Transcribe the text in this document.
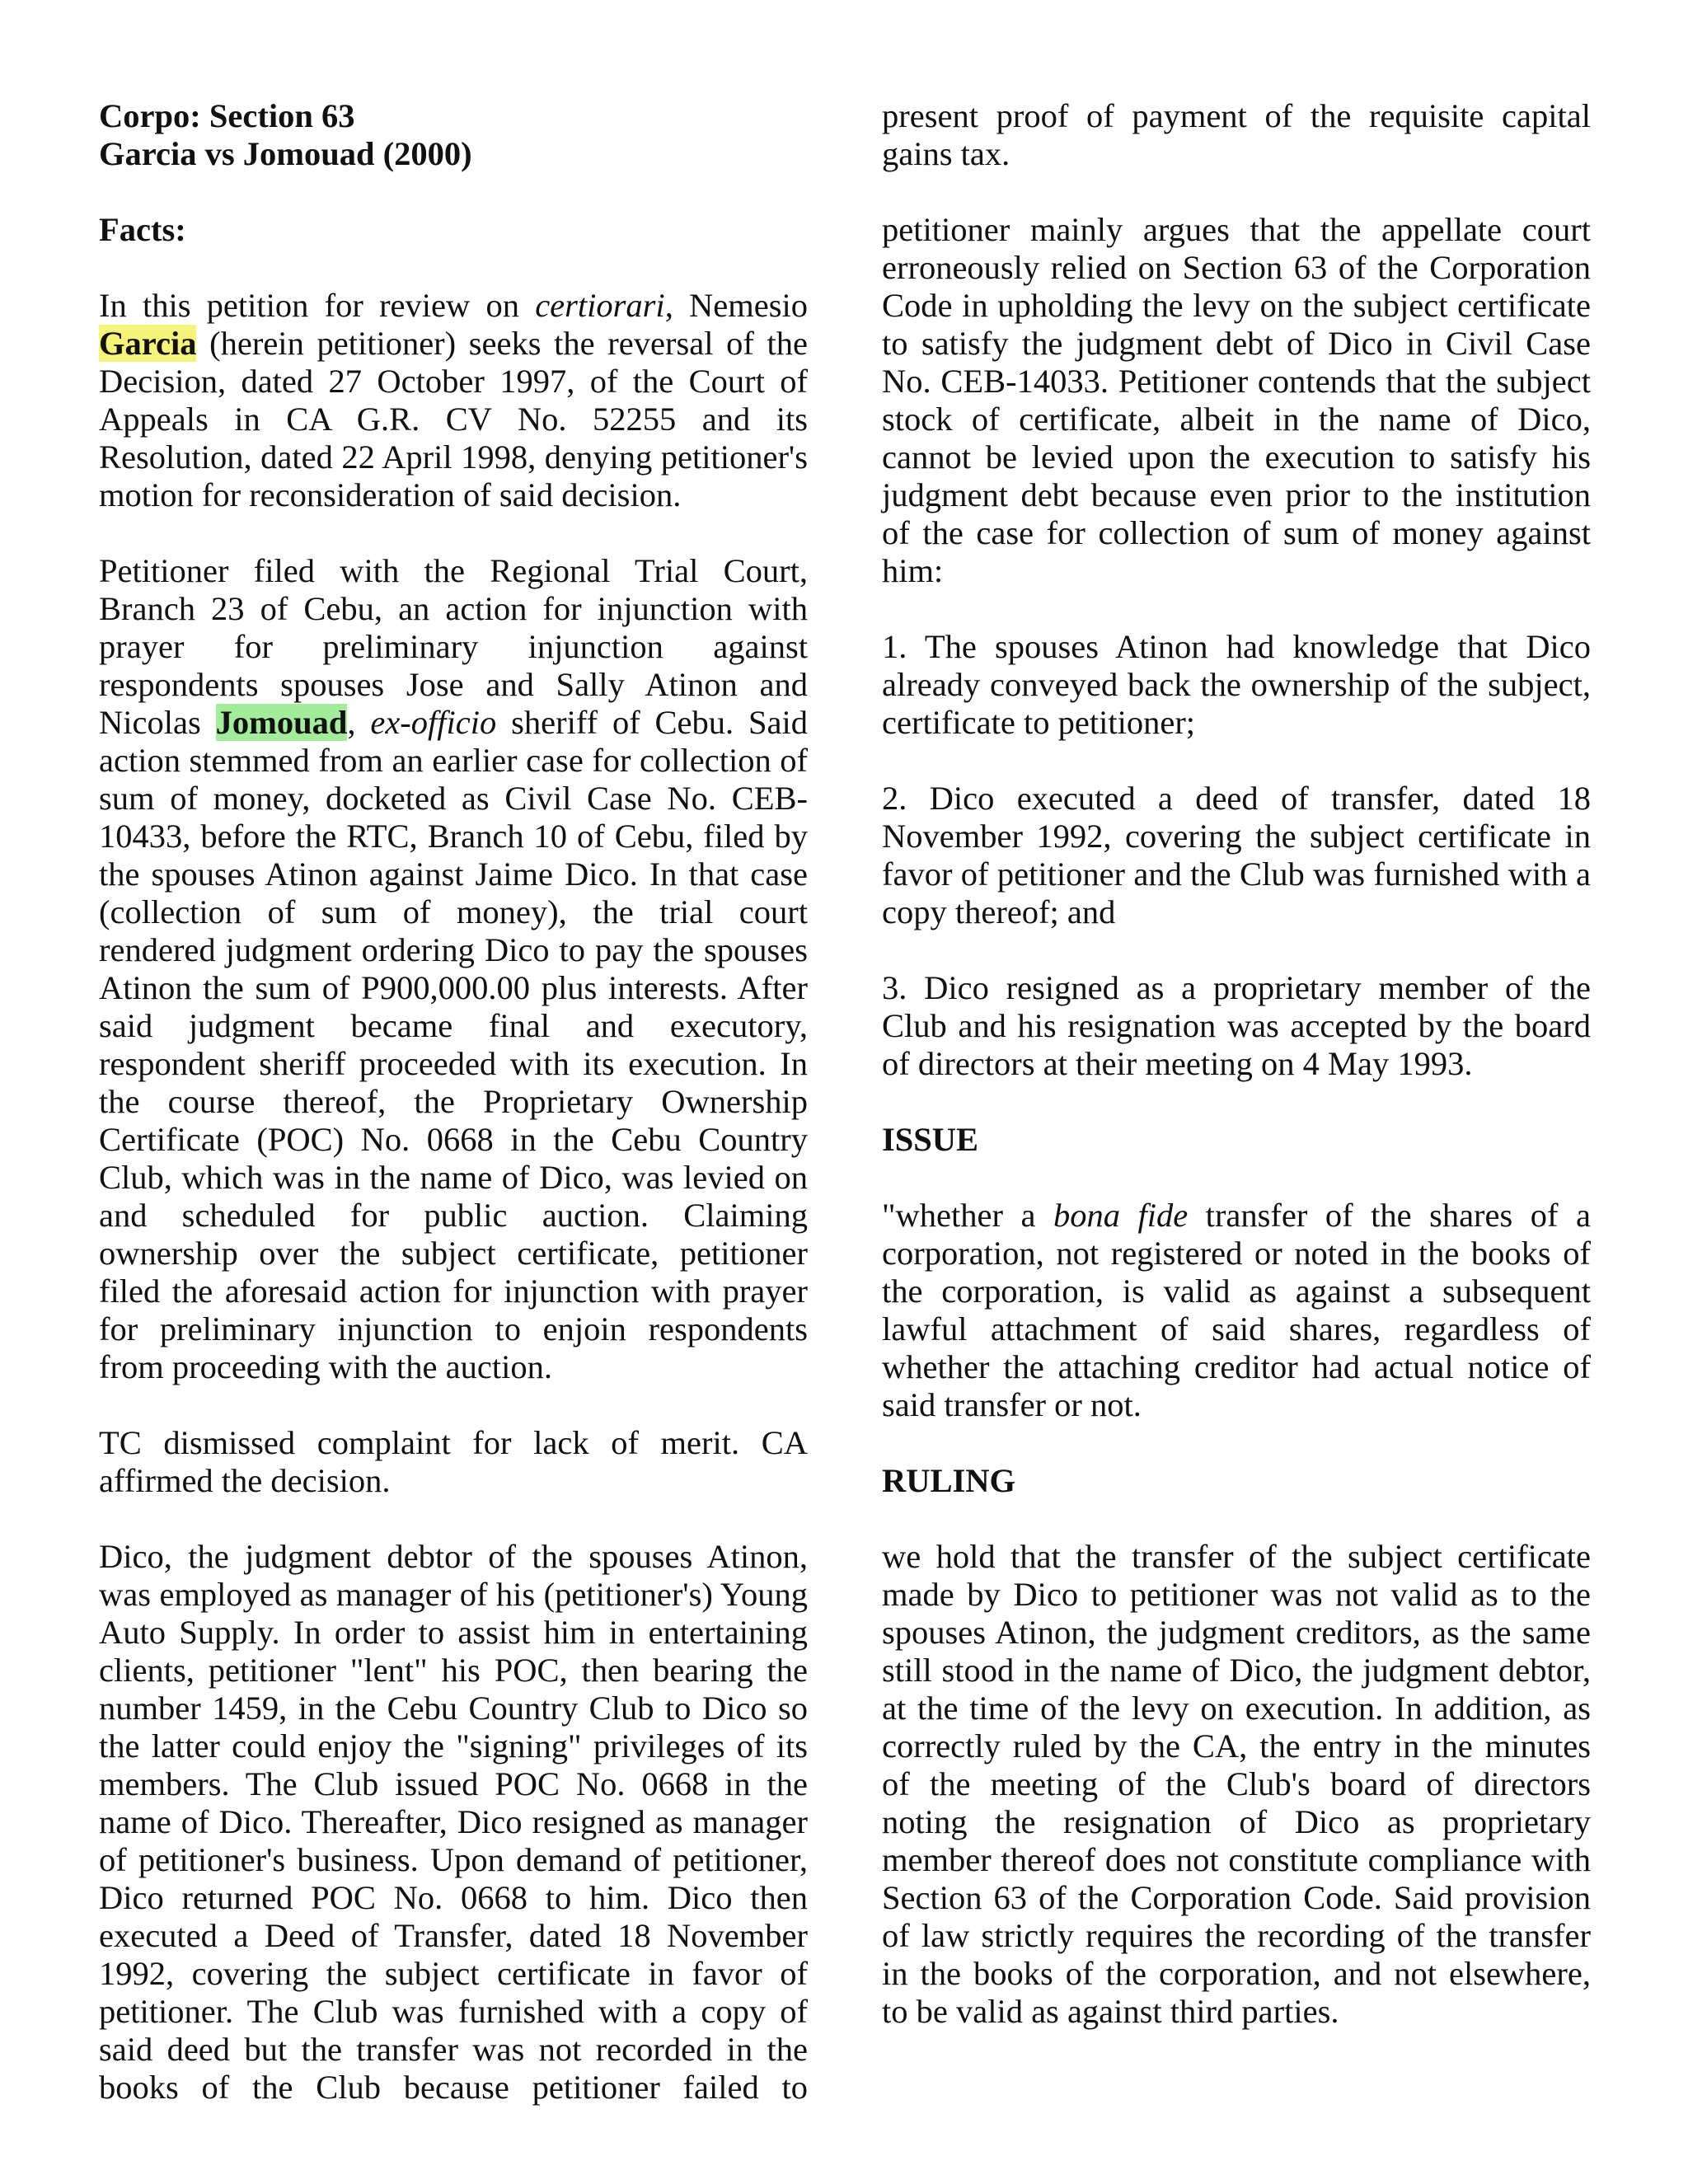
Corpo: Section 63

Garcia vs Jomouad (2000)

Facts:

In this petition for review on certiorari, Nemesio Garcia (herein petitioner) seeks the reversal of the Decision, dated 27 October 1997, of the Court of Appeals in CA G.R. CV No. 52255 and its Resolution, dated 22 April 1998, denying petitioner's motion for reconsideration of said decision.

Petitioner filed with the Regional Trial Court, Branch 23 of Cebu, an action for injunction with prayer for preliminary injunction against respondents spouses Jose and Sally Atinon and Nicolas Jomouad, ex-officio sheriff of Cebu. Said action stemmed from an earlier case for collection of sum of money, docketed as Civil Case No. CEB-10433, before the RTC, Branch 10 of Cebu, filed by the spouses Atinon against Jaime Dico. In that case (collection of sum of money), the trial court rendered judgment ordering Dico to pay the spouses Atinon the sum of P900,000.00 plus interests. After said judgment became final and executory, respondent sheriff proceeded with its execution. In the course thereof, the Proprietary Ownership Certificate (POC) No. 0668 in the Cebu Country Club, which was in the name of Dico, was levied on and scheduled for public auction. Claiming ownership over the subject certificate, petitioner filed the aforesaid action for injunction with prayer for preliminary injunction to enjoin respondents from proceeding with the auction.

TC dismissed complaint for lack of merit. CA affirmed the decision.

Dico, the judgment debtor of the spouses Atinon, was employed as manager of his (petitioner's) Young Auto Supply. In order to assist him in entertaining clients, petitioner "lent" his POC, then bearing the number 1459, in the Cebu Country Club to Dico so the latter could enjoy the "signing" privileges of its members. The Club issued POC No. 0668 in the name of Dico. Thereafter, Dico resigned as manager of petitioner's business. Upon demand of petitioner, Dico returned POC No. 0668 to him. Dico then executed a Deed of Transfer, dated 18 November 1992, covering the subject certificate in favor of petitioner. The Club was furnished with a copy of said deed but the transfer was not recorded in the books of the Club because petitioner failed to

present proof of payment of the requisite capital gains tax.

petitioner mainly argues that the appellate court erroneously relied on Section 63 of the Corporation Code in upholding the levy on the subject certificate to satisfy the judgment debt of Dico in Civil Case No. CEB-14033. Petitioner contends that the subject stock of certificate, albeit in the name of Dico, cannot be levied upon the execution to satisfy his judgment debt because even prior to the institution of the case for collection of sum of money against him:

1. The spouses Atinon had knowledge that Dico already conveyed back the ownership of the subject, certificate to petitioner;

2. Dico executed a deed of transfer, dated 18 November 1992, covering the subject certificate in favor of petitioner and the Club was furnished with a copy thereof; and

3. Dico resigned as a proprietary member of the Club and his resignation was accepted by the board of directors at their meeting on 4 May 1993.

ISSUE

"whether a bona fide transfer of the shares of a corporation, not registered or noted in the books of the corporation, is valid as against a subsequent lawful attachment of said shares, regardless of whether the attaching creditor had actual notice of said transfer or not.

RULING

we hold that the transfer of the subject certificate made by Dico to petitioner was not valid as to the spouses Atinon, the judgment creditors, as the same still stood in the name of Dico, the judgment debtor, at the time of the levy on execution. In addition, as correctly ruled by the CA, the entry in the minutes of the meeting of the Club's board of directors noting the resignation of Dico as proprietary member thereof does not constitute compliance with Section 63 of the Corporation Code. Said provision of law strictly requires the recording of the transfer in the books of the corporation, and not elsewhere, to be valid as against third parties.
